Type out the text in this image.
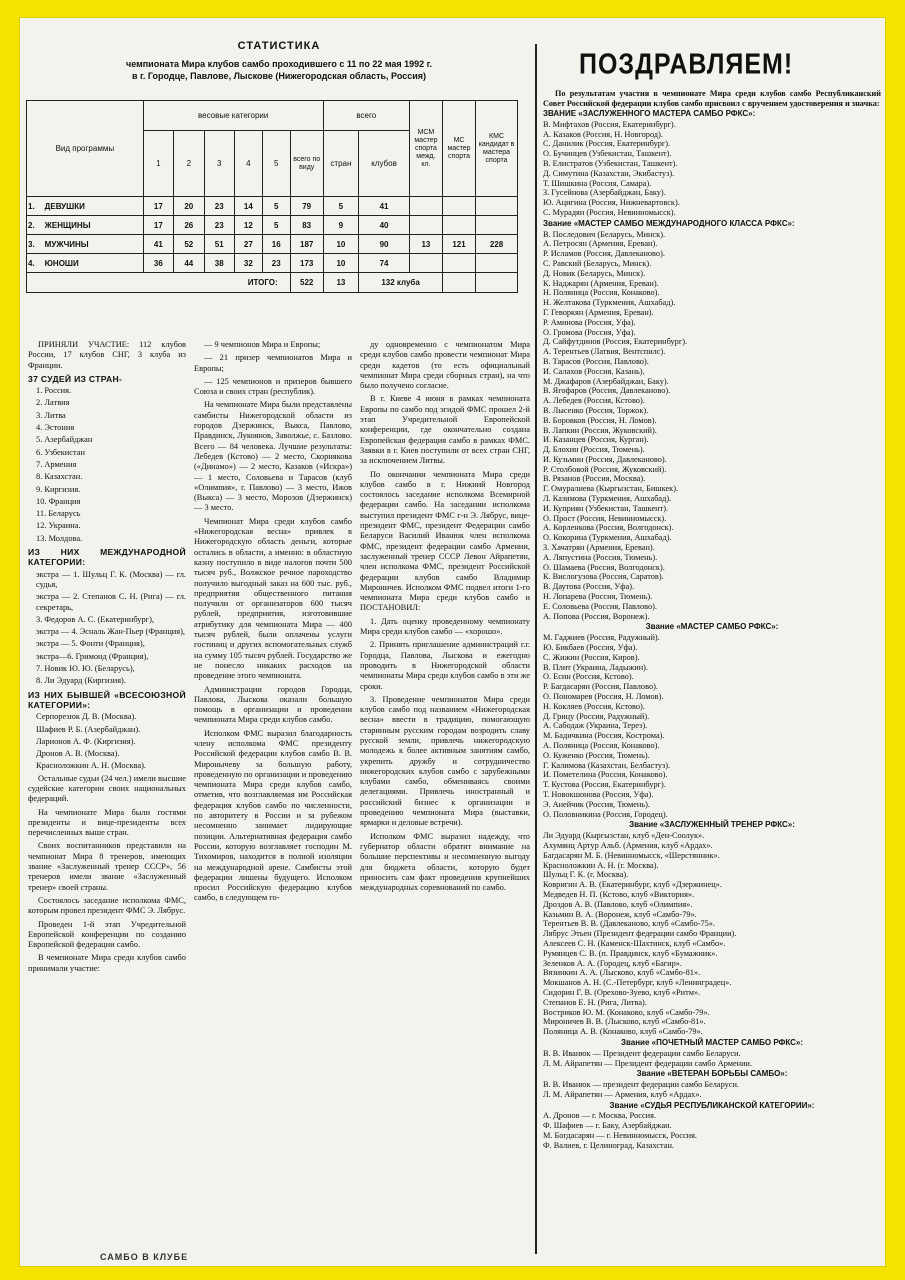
СТАТИСТИКА
чемпионата Мира клубов самбо проходившего с 11 по 22 мая 1992 г.
в г. Городце, Павлове, Лыскове (Нижегородская область, Россия)
Вид программы	весовые категории						всего		МСМ мастер спорта межд. кл.	МС мастер спорта	КМС кандидат в мастера спорта
	1	2	3	4	5	всего по виду	стран	клубов			
1. ДЕВУШКИ	17	20	23	14	5	79	5	41			
2. ЖЕНЩИНЫ	17	26	23	12	5	83	9	40			
3. МУЖЧИНЫ	41	52	51	27	16	187	10	90	13	121	228
4. ЮНОШИ	36	44	38	32	23	173	10	74			
ИТОГО:						522	13	132 клуба			

ПРИНЯЛИ УЧАСТИЕ: 112 клубов России, 17 клубов СНГ, 3 клуба из Франции.

37 СУДЕЙ ИЗ СТРАН-

1. Россия.

2. Латвия

3. Литва

4. Эстония

5. Азербайджан

6. Узбекистан

7. Армения

8. Казахстан.

9. Киргизия.

10. Франция

11. Беларусь

12. Украина.

13. Молдова.

ИЗ НИХ МЕЖДУНАРОДНОЙ КАТЕГОРИИ:

экстра — 1. Шульц Г. К. (Москва) — гл. судья,

экстра — 2. Степанов С. Н. (Рига) — гл. секретарь,

3. Федоров А. С. (Екатеринбург),

экстра — 4. Эсналь Жан-Пьер (Франция),

экстра — 5. Фонти (Франция),

экстра—6. Гримонд (Франция),

7. Новик Ю. Ю. (Беларусь),

8. Ли Эдуард (Киргизия).

ИЗ НИХ БЫВШЕЙ «ВСЕСОЮЗНОЙ КАТЕГОРИИ»:

Серпорезюк Д. В. (Москва).

Шафиев Р. Б. (Азербайджан).

Ларионов А. Ф. (Киргизия).

Дронов А. В. (Москва).

Красноложкин А. Н. (Москва).

Остальные судьи (24 чел.) имели высшие судейские категории своих национальных федераций.

На чемпионате Мира были гостями президенты и вице-президенты всех перечисленных выше стран.

Своих воспитанников представили на чемпионат Мира 8 тренеров, имеющих звание «Заслуженный тренер СССР», 56 тренеров имели звание «Заслуженный тренер» своей страны.

Состоялось заседание исполкома ФМС, которым провел президент ФМС Э. Лябрус.

Проведен 1-й этап Учредительной Европейской конференции по созданию Европейской федерации самбо.

В чемпионате Мира среди клубов самбо принимали участие:

— 9 чемпионов Мира и Европы;

— 21 призер чемпионатов Мира и Европы;

— 125 чемпионов и призеров бывшего Союза и своих стран (республик).

На чемпионате Мира были представлены самбисты Нижегородской области из городов Дзержинск, Выкса, Павлово, Правдинск, Лукоянов, Заволжье, с. Базлово. Всего — 84 человека. Лучшие результаты: Лебедев (Кстово) — 2 место, Скорнякова («Динамо») — 2 место, Казаков («Искра») — 1 место, Соловьева и Тарасов (клуб «Олимпия», г. Павлово) — 3 место, Ижов (Выкса) — 3 место, Морозов (Дзержинск) — 3 место.

Чемпионат Мира среди клубов самбо «Нижегородская весна» привлек в Нижегородскую область деньги, которые остались в области, а именно: в областную казну поступило в виде налогов почти 500 тысяч руб., Волжское речное пароходство получило выгодный заказ на 600 тыс. руб., предприятия общественного питания получили от организаторов 600 тысяч рублей, предприятия, изготовившие атрибутику для чемпионата Мира — 400 тысяч рублей, были оплачены услуги гостиниц и других вспомогательных служб на сумму 105 тысяч рублей. Государство же не понесло никаких расходов на проведение этого чемпионата.

Администрации городов Городца, Павлова, Лыскова оказали большую помощь в организации и проведении чемпионата Мира среди клубов самбо.

Исполком ФМС выразил благодарность члену исполкома ФМС президенту Российской федерации клубов самбо В. В. Миронычеву за большую работу, проведенную по организации и проведению чемпионата Мира среди клубов самбо, отметив, что возглавляемая им Российская федерация клубов самбо по численности, по авторитету в России и за рубежом несомненно занимает лидирующие позиции. Альтернативная федерация самбо России, которую возглавляет господин М. Тихомиров, находится в полной изоляции на международной арене. Самбисты этой федерации лишены будущего. Исполком просил Российскую федерацию клубов самбо, в следующем го-

ду одновременно с чемпионатом Мира среди клубов самбо провести чемпионат Мира среди кадетов (то есть официальный чемпионат Мира среди сборных стран), на что было получено согласие.

В г. Киеве 4 июня в рамках чемпионата Европы по самбо под эгидой ФМС прошел 2-й этап Учредительной Европейской конференции, где окончательно создана Европейская федерация самбо в рамках ФМС. Заявки в г. Киев поступили от всех стран СНГ, за исключением Литвы.

По окончании чемпионата Мира среди клубов самбо в г. Нижний Новгород состоялось заседание исполкома Всемирной федерации самбо. На заседании исполкома выступил президент ФМС г-н Э. Лябрус, вице-президент ФМС, президент Федерации самбо Беларуси Василий Иванюк член исполкома ФМС, президент федерации самбо Армении, заслуженный тренер СССР Левон Айрапетян, член исполкома ФМС, президент Российской федерации клубов самбо Владимир Мироничев. Исполком ФМС подвел итоги 1-го чемпионата Мира среди клубов самбо и ПОСТАНОВИЛ:

1. Дать оценку проведенному чемпионату Мира среди клубов самбо — «хорошо».

2. Принять приглашение администраций г.г. Городца, Павлова, Лыскова и ежегодно проводить в Нижегородской области чемпионаты Мира среди клубов самбо в эти же сроки.

3. Проведение чемпионатов Мира среди клубов самбо под названием «Нижегородская весна» ввести в традицию, помогающую старинным русским городам возродить славу русской земли, привлечь нижегородскую молодежь к более активным занятиям самбо, укрепить дружбу и сотрудничество нижегородских клубов самбо с зарубежными клубами самбо, обмениваясь своими делегациями. Привлечь иностранный и российский бизнес к организации и проведению чемпионата Мира (выставки, ярмарки и деловые встречи).

Исполком ФМС выразил надежду, что губернатор области обратит внимание на большие перспективы и несомненную выгоду для бюджета области, которую будет приносить сам факт проведения крупнейших международных соревнований по самбо.

ПОЗДРАВЛЯЕМ!
По результатам участия в чемпионате Мира среди клубов самбо Республиканский Совет Российской федерации клубов самбо присвоил с вручением удостоверения и значка:
ЗВАНИЕ «ЗАСЛУЖЕННОГО МАСТЕРА САМБО РФКС»:
В. Мифтахов (Россия, Екатеринбург).
А. Казаков (Россия, Н. Новгород).
С. Данилик (Россия, Екатеринбург).
О. Бучинцев (Узбекистан, Ташкент).
В. Елистратов (Узбекистан, Ташкент).
Д. Симутина (Казахстан, Экибастуз).
Т. Шишкина (Россия, Самара).
З. Гусейнова (Азербайджан, Баку).
Ю. Ацигина (Россия, Нижневартовск).
С. Мурадян (Россия, Невинномысск).
Звание «МАСТЕР САМБО МЕЖДУНАРОДНОГО КЛАССА РФКС»:
В. Последович (Беларусь, Минск).
А. Петросян (Армения, Ереван).
Р. Исламов (Россия, Давлеканово).
С. Равский (Беларусь, Минск).
Д. Новик (Беларусь, Минск).
К. Наджарян (Армения, Ереван).
Н. Поляница (Россия, Конаково).
Н. Желтакова (Туркмения, Ашхабад).
Г. Геворкян (Армения, Ереван).
Р. Аминова (Россия, Уфа).
О. Громова (Россия, Уфа).
Д. Сайфутдинов (Россия, Екатеринбург).
А. Терентьев (Латвия, Вентспилс).
В. Тарасов (Россия, Павлово).
И. Салахов (Россия, Казань).
М. Джафаров (Азербайджан, Баку).
В. Ягофаров (Россия, Давлеканово).
А. Лебедев (Россия, Кстово).
В. Лысенко (Россия, Торжок).
В. Боровков (Россия, Н. Ломов).
В. Лапкин (Россия, Жуковский).
И. Казанцев (Россия, Курган).
Д. Блохин (Россия, Тюмень).
И. Кузьмин (Россия, Давлеканово).
Р. Столбовой (Россия, Жуковский).
В. Рязанов (Россия, Москва).
Г. Омуралиева (Кыргызстан, Бишкек).
Л. Казимова (Туркмения, Ашхабад).
И. Куприян (Узбекистан, Ташкент).
О. Прост (Россия, Невинномысск).
А. Корленкова (Россия, Волгодонск).
О. Кокорина (Туркмения, Ашхабад).
З. Хачатрян (Армения, Ереван).
А. Ляпустина (Россия, Тюмень).
О. Шамаева (Россия, Волгодонск).
К. Вислогузова (Россия, Саратов).
В. Даутова (Россия, Уфа).
Н. Лопарева (Россия, Тюмень).
Е. Соловьева (Россия, Павлово).
А. Попова (Россия, Воронеж).
Звание «МАСТЕР САМБО РФКС»:
М. Гаджиев (Россия, Радужный).
Ю. Бикбаев (Россия, Уфа).
С. Жижин (Россия, Киров).
В. Плит (Украина, Ладыжин).
О. Есин (Россия, Кстово).
Р. Багдасарян (Россия, Павлово).
О. Пономарев (Россия, Н. Ломов).
Н. Кокляев (Россия, Кстово).
Д. Грицу (Россия, Радужный).
А. Сабодаж (Украина, Терез).
М. Бадичкина (Россия, Кострома).
А. Поляница (Россия, Конаково).
О. Куженко (Россия, Тюмень).
Г. Калимова (Казахстан, Белбастуз).
И. Пометелина (Россия, Конаково).
Т. Кустова (Россия, Екатеринбург).
Т. Новокшонова (Россия, Уфа).
Э. Анейчик (Россия, Тюмень).
О. Половникина (Россия, Городец).
Звание «ЗАСЛУЖЕННЫЙ ТРЕНЕР РФКС»:
Ли Эдуард (Кыргызстан, клуб «Ден-Соолук».
Ахумянц Артур Альб. (Армения, клуб «Ардах».
Багдасарян М. Б. (Невинномысск, «Шерстянник».
Красноложкин А. Н. (г. Москва).
Шульц Г. К. (г. Москва).
Ковригин А. В. (Екатеринбург, клуб «Дзержинец».
Медведев Н. П. (Кстово, клуб «Виктория».
Дроздов А. В. (Павлово, клуб «Олимпия».
Казьмин В. А. (Воронеж, клуб «Самбо-79».
Терентьев В. В. (Давлеканово, клуб «Самбо-75».
Лябрус Этьен (Президент федерации самбо Франции).
Алексеев С. Н. (Каменск-Шахтинск, клуб «Самбо».
Румянцев С. В. (п. Правдинск, клуб «Бумажник».
Зеленков А. А. (Городец, клуб «Багир».
Вязинкин А. А. (Лысково, клуб «Самбо-81».
Мокшанов А. Н. (С.-Петербург, клуб «Ленинградец».
Сидорин Г. В. (Орехово-Зуево, клуб «Ритм».
Степанов Е. Н. (Рига, Литва).
Востриков Ю. М. (Конаково, клуб «Самбо-79».
Мироничев В. В. (Лысково, клуб «Самбо-81».
Поляница А. В. (Конаково, клуб «Самбо-79».
Звание «ПОЧЕТНЫЙ МАСТЕР САМБО РФКС»:
В. В. Иванюк — Президент федерации самбо Беларуси.
Л. М. Айрапетян — Президент федерации самбо Армении.
Звание «ВЕТЕРАН БОРЬБЫ САМБО»:
В. В. Иванюк — президент федерации самбо Беларуси.
Л. М. Айрапетян — Армения, клуб «Ардах».
Звание «СУДЬЯ РЕСПУБЛИКАНСКОЙ КАТЕГОРИИ»:
А. Дронов — г. Москва, Россия.
Ф. Шафиев — г. Баку, Азербайджан.
М. Богдасарян — г. Невинномысск, Россия.
Ф. Валиев, г. Целиноград, Казахстан.
САМБО В КЛУБЕ
